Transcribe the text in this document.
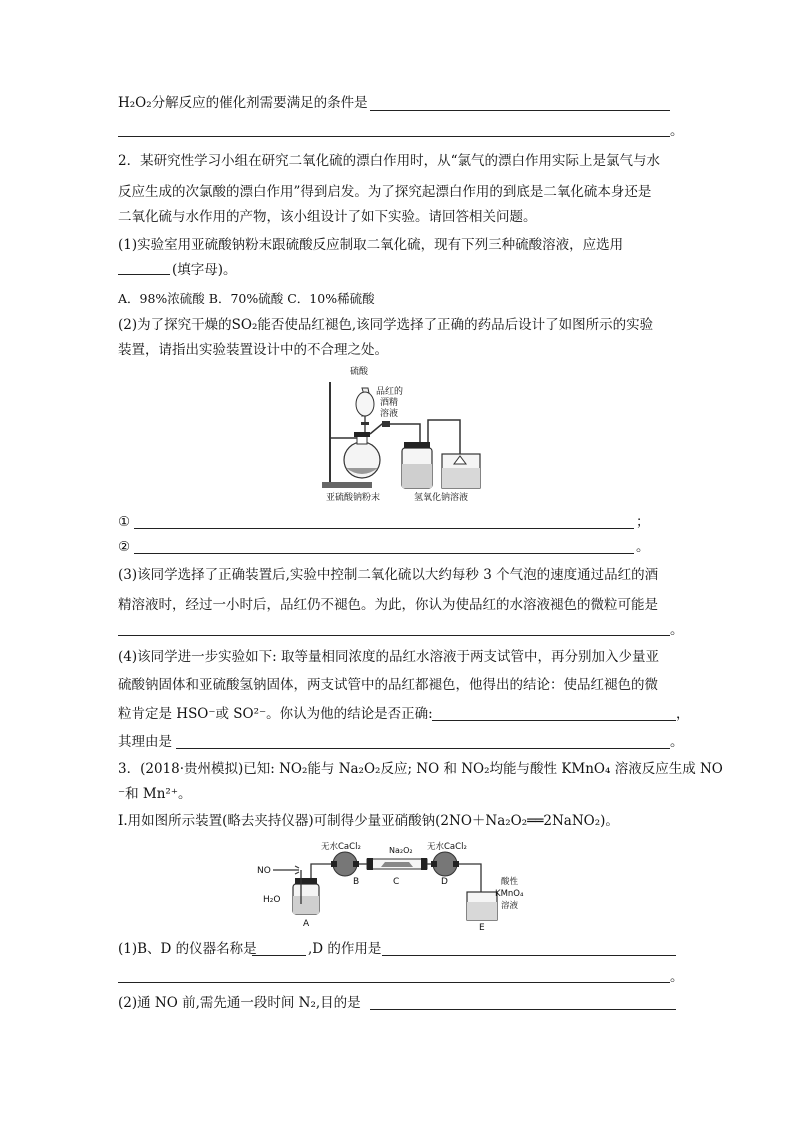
H₂O₂分解反应的催化剂需要满足的条件是
。
2．某研究性学习小组在研究二氧化硫的漂白作用时，从“氯气的漂白作用实际上是氯气与水
反应生成的次氯酸的漂白作用”得到启发。为了探究起漂白作用的到底是二氧化硫本身还是
二氧化硫与水作用的产物，该小组设计了如下实验。请回答相关问题。
(1)实验室用亚硫酸钠粉末跟硫酸反应制取二氧化硫，现有下列三种硫酸溶液，应选用
(填字母)。
A．98%浓硫酸 B．70%硫酸 C．10%稀硫酸
(2)为了探究干燥的SO₂能否使品红褪色,该同学选择了正确的药品后设计了如图所示的实验
装置，请指出实验装置设计中的不合理之处。
硫酸
品红的
酒精
溶液
亚硫酸钠粉末	氢氧化钠溶液
①	；
②	。
(3)该同学选择了正确装置后,实验中控制二氧化硫以大约每秒 3 个气泡的速度通过品红的酒
精溶液时，经过一小时后，品红仍不褪色。为此，你认为使品红的水溶液褪色的微粒可能是
。
(4)该同学进一步实验如下: 取等量相同浓度的品红水溶液于两支试管中，再分别加入少量亚
硫酸钠固体和亚硫酸氢钠固体，两支试管中的品红都褪色，他得出的结论：使品红褪色的微
粒肯定是 HSO⁻或 SO²⁻。你认为他的结论是否正确:	，
其理由是	。
3．(2018·贵州模拟)已知: NO₂能与 Na₂O₂反应; NO 和 NO₂均能与酸性 KMnO₄ 溶液反应生成 NO
⁻和 Mn²⁺。
Ⅰ.用如图所示装置(略去夹持仪器)可制得少量亚硝酸钠(2NO＋Na₂O₂══2NaNO₂)。
NO
无水CaCl₂	Na₂O₂ 无水CaCl₂
酸性
KMnO₄
溶液
H₂O
A
B	C	D
E
(1)B、D 的仪器名称是	,D 的作用是
。
(2)通 NO 前,需先通一段时间 N₂,目的是
